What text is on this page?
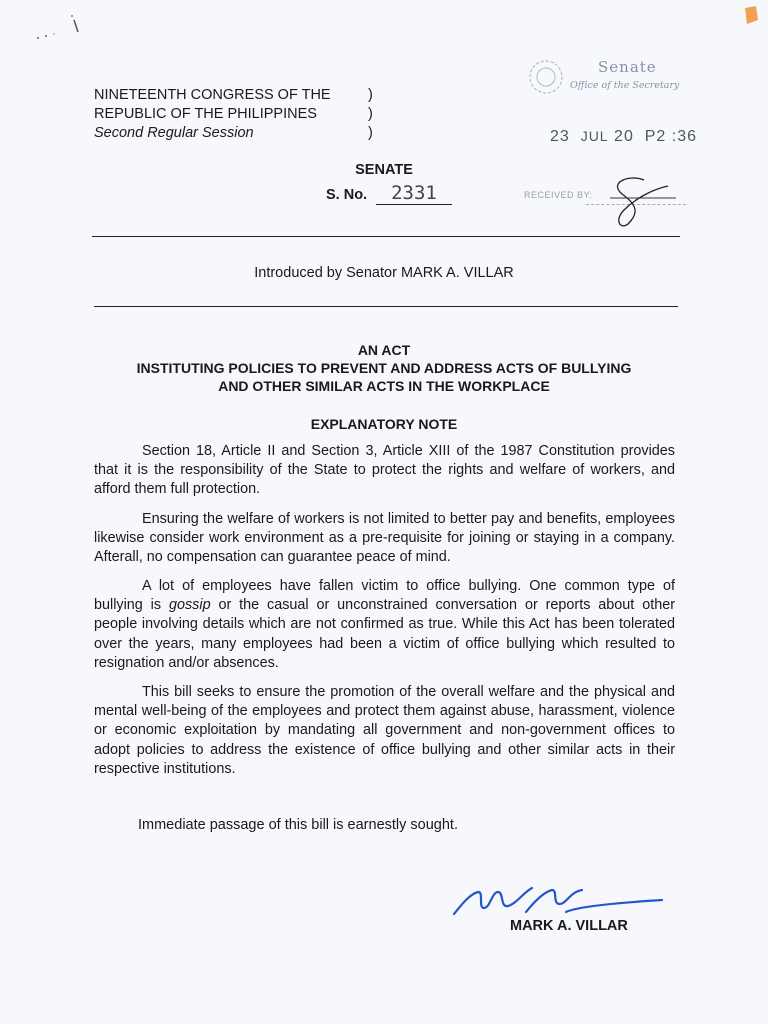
NINETEENTH CONGRESS OF THE
REPUBLIC OF THE PHILIPPINES
Second Regular Session
)
)
)
Senate
Office of the Secretary
23 JUL 20 P2 :36
SENATE
S. No.	2331	RECEIVED BY:
Introduced by Senator MARK A. VILLAR
AN ACT
INSTITUTING POLICIES TO PREVENT AND ADDRESS ACTS OF BULLYING
AND OTHER SIMILAR ACTS IN THE WORKPLACE
EXPLANATORY NOTE

Section 18, Article II and Section 3, Article XIII of the 1987 Constitution provides that it is the responsibility of the State to protect the rights and welfare of workers, and afford them full protection.

Ensuring the welfare of workers is not limited to better pay and benefits, employees likewise consider work environment as a pre-requisite for joining or staying in a company. Afterall, no compensation can guarantee peace of mind.

A lot of employees have fallen victim to office bullying. One common type of bullying is gossip or the casual or unconstrained conversation or reports about other people involving details which are not confirmed as true. While this Act has been tolerated over the years, many employees had been a victim of office bullying which resulted to resignation and/or absences.

This bill seeks to ensure the promotion of the overall welfare and the physical and mental well-being of the employees and protect them against abuse, harassment, violence or economic exploitation by mandating all government and non-government offices to adopt policies to address the existence of office bullying and other similar acts in their respective institutions.

Immediate passage of this bill is earnestly sought.
MARK A. VILLAR
